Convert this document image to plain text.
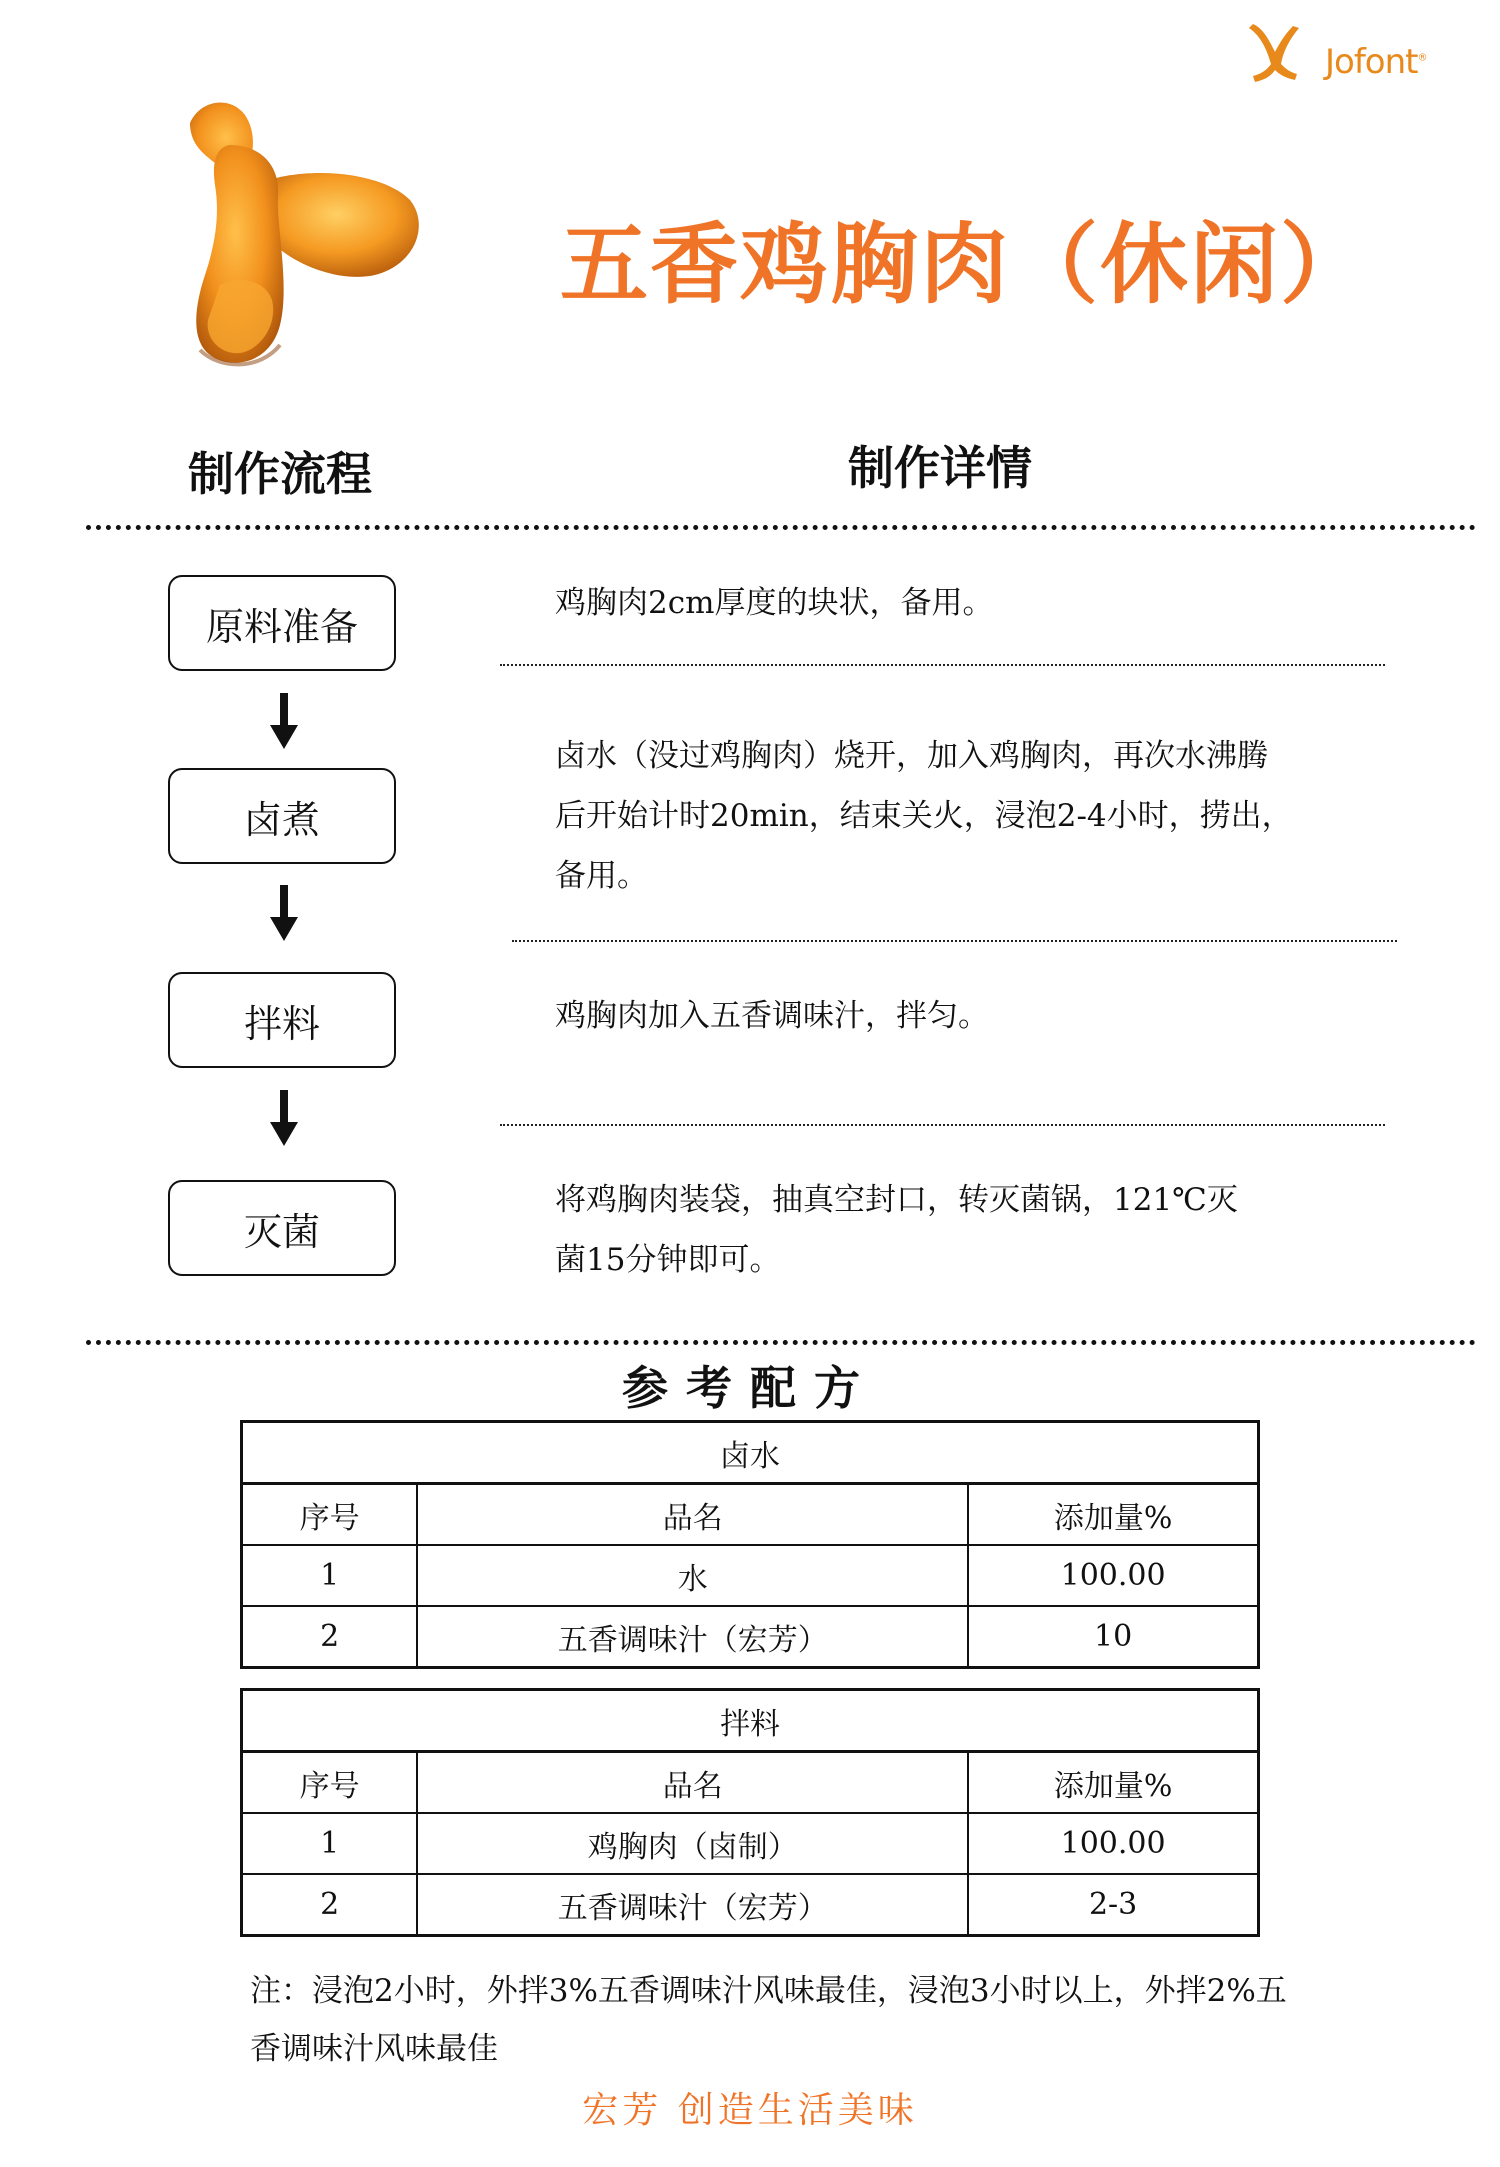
Jofont®
五香鸡胸肉（休闲）
制作流程	制作详情
原料准备
卤煮
拌料
灭菌
鸡胸肉2cm厚度的块状，备用。
卤水（没过鸡胸肉）烧开，加入鸡胸肉，再次水沸腾
后开始计时20min，结束关火，浸泡2-4小时，捞出，
备用。
鸡胸肉加入五香调味汁，拌匀。
将鸡胸肉装袋，抽真空封口，转灭菌锅，121℃灭
菌15分钟即可。
参考配方
卤水		
序号	品名	添加量%
1	水	100.00
2	五香调味汁（宏芳）	10
拌料		
序号	品名	添加量%
1	鸡胸肉（卤制）	100.00
2	五香调味汁（宏芳）	2-3
注：浸泡2小时，外拌3%五香调味汁风味最佳，浸泡3小时以上，外拌2%五
香调味汁风味最佳
宏芳 创造生活美味
